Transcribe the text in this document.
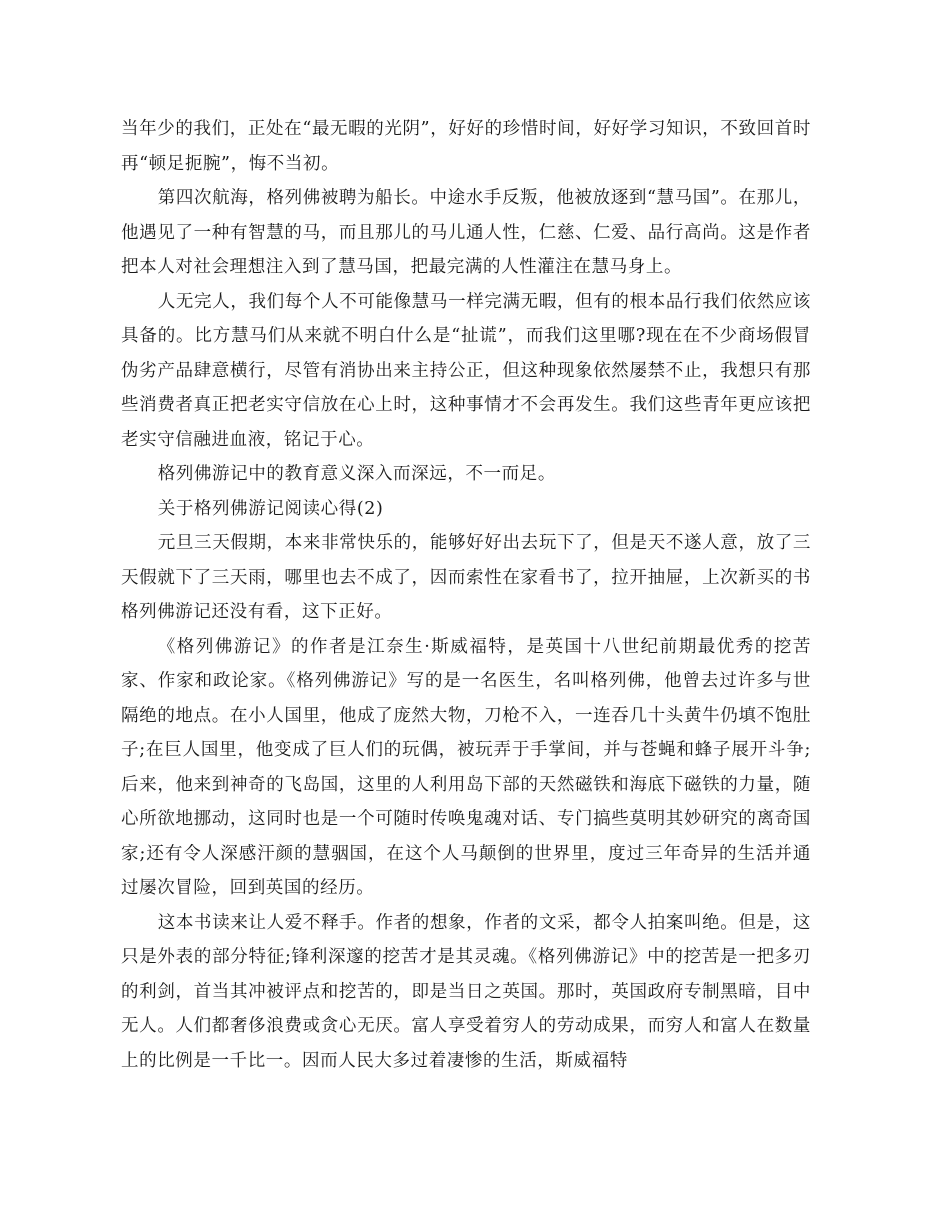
当年少的我们，正处在“最无暇的光阴”，好好的珍惜时间，好好学习知识，不致回首时再“顿足扼腕”，悔不当初。

第四次航海，格列佛被聘为船长。中途水手反叛，他被放逐到“慧马国”。在那儿，他遇见了一种有智慧的马，而且那儿的马儿通人性，仁慈、仁爱、品行高尚。这是作者把本人对社会理想注入到了慧马国，把最完满的人性灌注在慧马身上。

人无完人，我们每个人不可能像慧马一样完满无暇，但有的根本品行我们依然应该具备的。比方慧马们从来就不明白什么是“扯谎”，而我们这里哪?现在在不少商场假冒伪劣产品肆意横行，尽管有消协出来主持公正，但这种现象依然屡禁不止，我想只有那些消费者真正把老实守信放在心上时，这种事情才不会再发生。我们这些青年更应该把老实守信融进血液，铭记于心。

格列佛游记中的教育意义深入而深远，不一而足。

关于格列佛游记阅读心得(2)

元旦三天假期，本来非常快乐的，能够好好出去玩下了，但是天不遂人意，放了三天假就下了三天雨，哪里也去不成了，因而索性在家看书了，拉开抽屉，上次新买的书格列佛游记还没有看，这下正好。

《格列佛游记》的作者是江奈生·斯威福特，是英国十八世纪前期最优秀的挖苦家、作家和政论家。《格列佛游记》写的是一名医生，名叫格列佛，他曾去过许多与世隔绝的地点。在小人国里，他成了庞然大物，刀枪不入，一连吞几十头黄牛仍填不饱肚子;在巨人国里，他变成了巨人们的玩偶，被玩弄于手掌间，并与苍蝇和蜂子展开斗争;后来，他来到神奇的飞岛国，这里的人利用岛下部的天然磁铁和海底下磁铁的力量，随心所欲地挪动，这同时也是一个可随时传唤鬼魂对话、专门搞些莫明其妙研究的离奇国家;还有令人深感汗颜的慧骃国，在这个人马颠倒的世界里，度过三年奇异的生活并通过屡次冒险，回到英国的经历。

这本书读来让人爱不释手。作者的想象，作者的文采，都令人拍案叫绝。但是，这只是外表的部分特征;锋利深邃的挖苦才是其灵魂。《格列佛游记》中的挖苦是一把多刃的利剑，首当其冲被评点和挖苦的，即是当日之英国。那时，英国政府专制黑暗，目中无人。人们都奢侈浪费或贪心无厌。富人享受着穷人的劳动成果，而穷人和富人在数量上的比例是一千比一。因而人民大多过着凄惨的生活，斯威福特
